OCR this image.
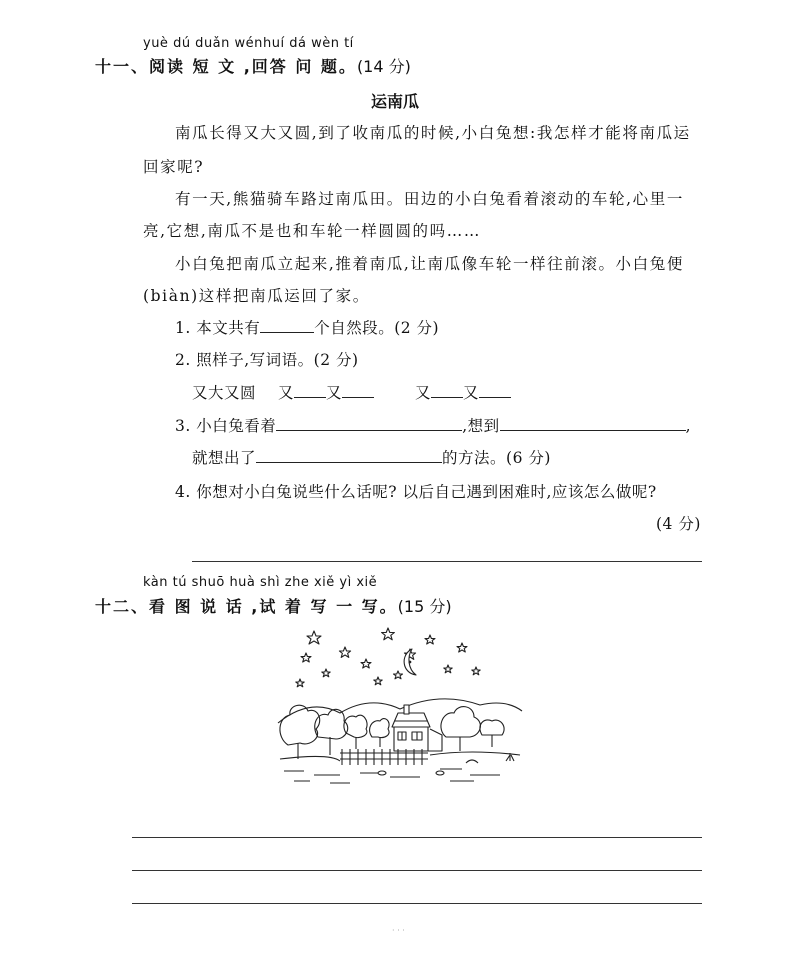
yuè dú duǎn wén huí dá wèn tí
十一、阅读 短 文 ,回答 问 题。(14 分)
运南瓜
南瓜长得又大又圆,到了收南瓜的时候,小白兔想:我怎样才能将南瓜运
回家呢?
有一天,熊猫骑车路过南瓜田。田边的小白兔看着滚动的车轮,心里一
亮,它想,南瓜不是也和车轮一样圆圆的吗……
小白兔把南瓜立起来,推着南瓜,让南瓜像车轮一样往前滚。小白兔便
(biàn)这样把南瓜运回了家。
1. 本文共有	个自然段。(2 分)
2. 照样子,写词语。(2 分)
又大又圆 又 又	又 又
3. 小白兔看着	,想到	,
就想出了	的方法。(6 分)
4. 你想对小白兔说些什么话呢? 以后自己遇到困难时,应该怎么做呢?
(4 分)
kàn tú shuō huà shì zhe xiě yì xiě
十二、看 图 说 话 ,试 着 写 一 写。(15 分)
· · ·
